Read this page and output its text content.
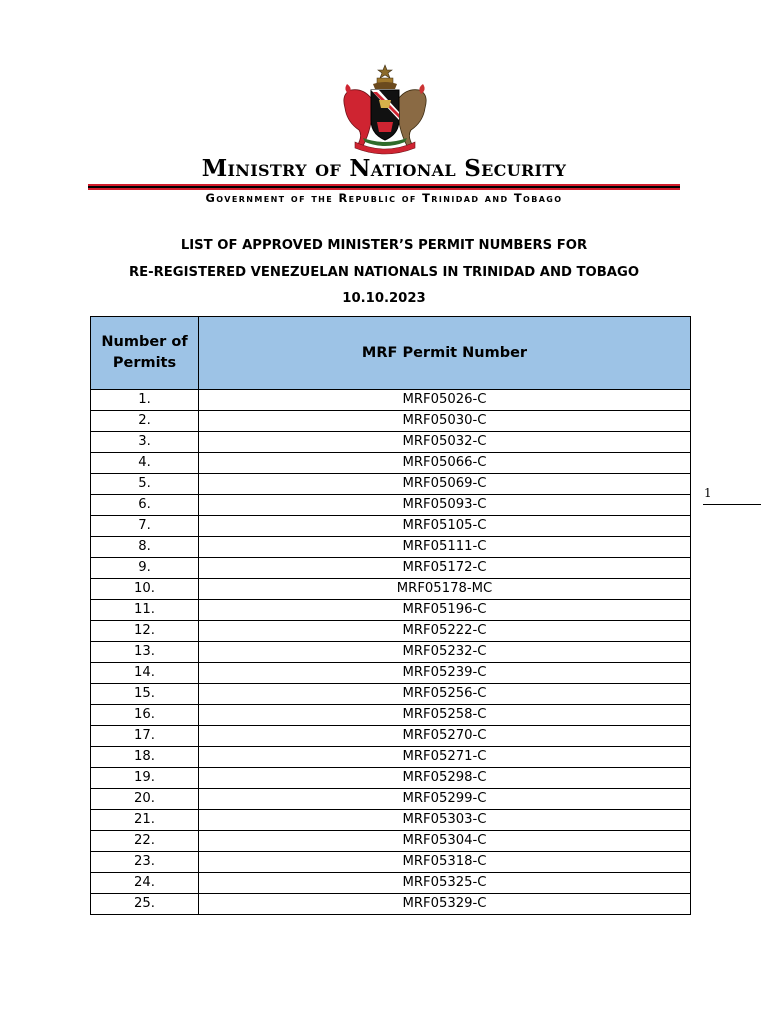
Ministry of National Security
Government of the Republic of Trinidad and Tobago
LIST OF APPROVED MINISTER’S PERMIT NUMBERS FOR
RE-REGISTERED VENEZUELAN NATIONALS IN TRINIDAD AND TOBAGO
10.10.2023
Number of Permits	MRF Permit Number
1.	MRF05026-C
2.	MRF05030-C
3.	MRF05032-C
4.	MRF05066-C
5.	MRF05069-C
6.	MRF05093-C
7.	MRF05105-C
8.	MRF05111-C
9.	MRF05172-C
10.	MRF05178-MC
11.	MRF05196-C
12.	MRF05222-C
13.	MRF05232-C
14.	MRF05239-C
15.	MRF05256-C
16.	MRF05258-C
17.	MRF05270-C
18.	MRF05271-C
19.	MRF05298-C
20.	MRF05299-C
21.	MRF05303-C
22.	MRF05304-C
23.	MRF05318-C
24.	MRF05325-C
25.	MRF05329-C
1
